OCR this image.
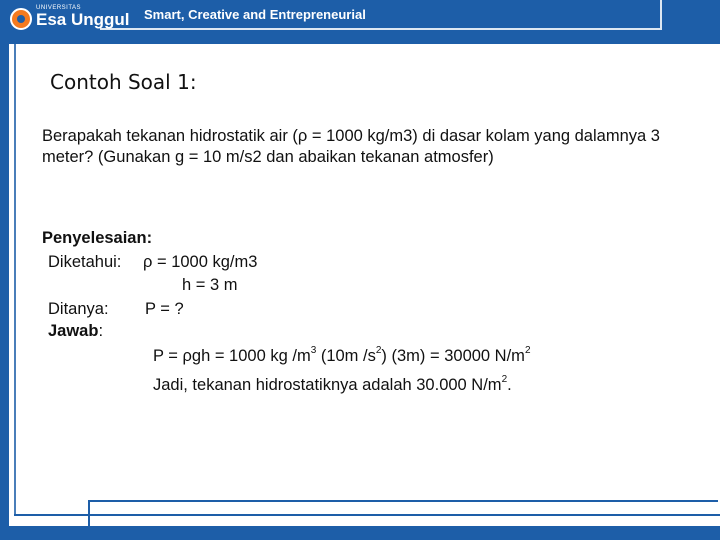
UNIVERSITAS
Esa Unggul Smart, Creative and Entrepreneurial
Contoh Soal 1:
Berapakah tekanan hidrostatik air (ρ = 1000 kg/m3) di dasar kolam yang dalamnya 3 meter? (Gunakan g = 10 m/s2 dan abaikan tekanan atmosfer)
Penyelesaian:
Diketahui: ρ = 1000 kg/m3
h = 3 m
Ditanya: P = ?
Jawab:
P = ρgh = 1000 kg $/m^3$ (10m $/s^2$) (3m) = 30000 $N/m^2$
Jadi, tekanan hidrostatiknya adalah 30.000 $N/m^2$.
